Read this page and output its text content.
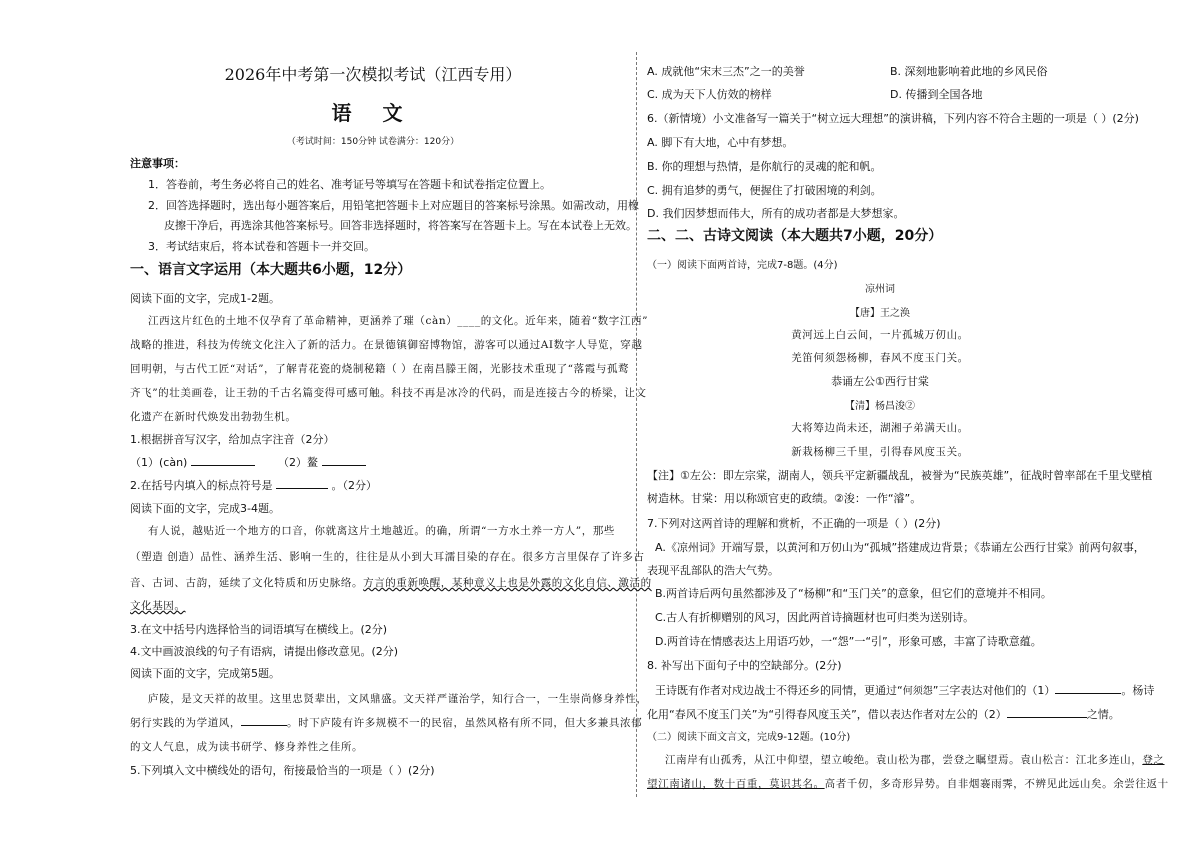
2026年中考第一次模拟考试（江西专用）
语 文
（考试时间：150分钟 试卷满分：120分）
注意事项：
1．答卷前，考生务必将自己的姓名、准考证号等填写在答题卡和试卷指定位置上。
2．回答选择题时，选出每小题答案后，用铅笔把答题卡上对应题目的答案标号涂黑。如需改动，用橡
皮擦干净后，再选涂其他答案标号。回答非选择题时，将答案写在答题卡上。写在本试卷上无效。
3．考试结束后，将本试卷和答题卡一并交回。
一、语言文字运用（本大题共6小题，12分）
阅读下面的文字，完成1-2题。
江西这片红色的土地不仅孕育了革命精神，更涵养了璀（càn）____的文化。近年来，随着“数字江西”
战略的推进，科技为传统文化注入了新的活力。在景德镇御窑博物馆，游客可以通过AI数字人导览，穿越
回明朝，与古代工匠“对话”，了解青花瓷的烧制秘籍（ ）在南昌滕王阁，光影技术重现了“落霞与孤鹜
齐飞”的壮美画卷，让王勃的千古名篇变得可感可触。科技不再是冰冷的代码，而是连接古今的桥梁，让文
化遗产在新时代焕发出勃勃生机。
1.根据拼音写汉字，给加点字注音（2分）
（1）(càn)	（2）鳌
2.在括号内填入的标点符号是	。（2分）
阅读下面的文字，完成3-4题。
有人说，越贴近一个地方的口音，你就离这片土地越近。的确，所谓“一方水土养一方人”，那些
（塑造 创造）品性、涵养生活、影响一生的，往往是从小到大耳濡目染的存在。很多方言里保存了许多古
音、古词、古韵，延续了文化特质和历史脉络。方言的重新唤醒，某种意义上也是外露的文化自信、激活的
文化基因。
3.在文中括号内选择恰当的词语填写在横线上。(2分)
4.文中画波浪线的句子有语病，请提出修改意见。(2分)
阅读下面的文字，完成第5题。
庐陵，是文天祥的故里。这里忠贤辈出，文风鼎盛。文天祥严谨治学，知行合一，一生崇尚修身养性，
躬行实践的为学道风，	。时下庐陵有许多规模不一的民宿，虽然风格有所不同，但大多兼具浓郁
的文人气息，成为读书研学、修身养性之佳所。
5.下列填入文中横线处的语句，衔接最恰当的一项是（ ）(2分)
A. 成就他“宋末三杰”之一的美誉	B. 深刻地影响着此地的乡风民俗
C. 成为天下人仿效的榜样	D. 传播到全国各地
6.（新情境）小文准备写一篇关于“树立远大理想”的演讲稿，下列内容不符合主题的一项是（ ）(2分)
A. 脚下有大地，心中有梦想。
B. 你的理想与热情，是你航行的灵魂的舵和帆。
C. 拥有追梦的勇气，便握住了打破困境的利剑。
D. 我们因梦想而伟大，所有的成功者都是大梦想家。
二、二、古诗文阅读（本大题共7小题，20分）
（一）阅读下面两首诗，完成7-8题。(4分)
凉州词
【唐】王之涣
黄河远上白云间，一片孤城万仞山。
羌笛何须怨杨柳，春风不度玉门关。
恭诵左公①西行甘棠
【清】杨昌浚②
大将筹边尚未还，湖湘子弟满天山。
新栽杨柳三千里，引得春风度玉关。
【注】①左公：即左宗棠，湖南人，领兵平定新疆战乱，被誉为“民族英雄”，征战时曾率部在千里戈壁植
树造林。甘棠：用以称颂官吏的政绩。②浚：一作“濬”。
7.下列对这两首诗的理解和赏析，不正确的一项是（ ）(2分)
A.《凉州词》开端写景，以黄河和万仞山为“孤城”搭建成边背景；《恭诵左公西行甘棠》前两句叙事，
表现平乱部队的浩大气势。
B.两首诗后两句虽然都涉及了“杨柳”和“玉门关”的意象，但它们的意境并不相同。
C.古人有折柳赠别的风习，因此两首诗摘题材也可归类为送别诗。
D.两首诗在情感表达上用语巧妙，一“怨”一“引”，形象可感，丰富了诗歌意蕴。
8. 补写出下面句子中的空缺部分。(2分)
王诗既有作者对戍边战士不得还乡的同情，更通过“何须怨”三字表达对他们的（1）	。杨诗
化用“春风不度玉门关”为“引得春风度玉关”，借以表达作者对左公的（2）	之情。
（二）阅读下面文言文，完成9-12题。(10分)
江南岸有山孤秀，从江中仰望，望立峻绝。袁山松为郡，尝登之瞩望焉。袁山松言：江北多连山，登之
望江南诸山，数十百重，莫识其名。高者千仞，多奇形异势。自非烟褰雨霁，不辨见此远山矣。余尝往返十
